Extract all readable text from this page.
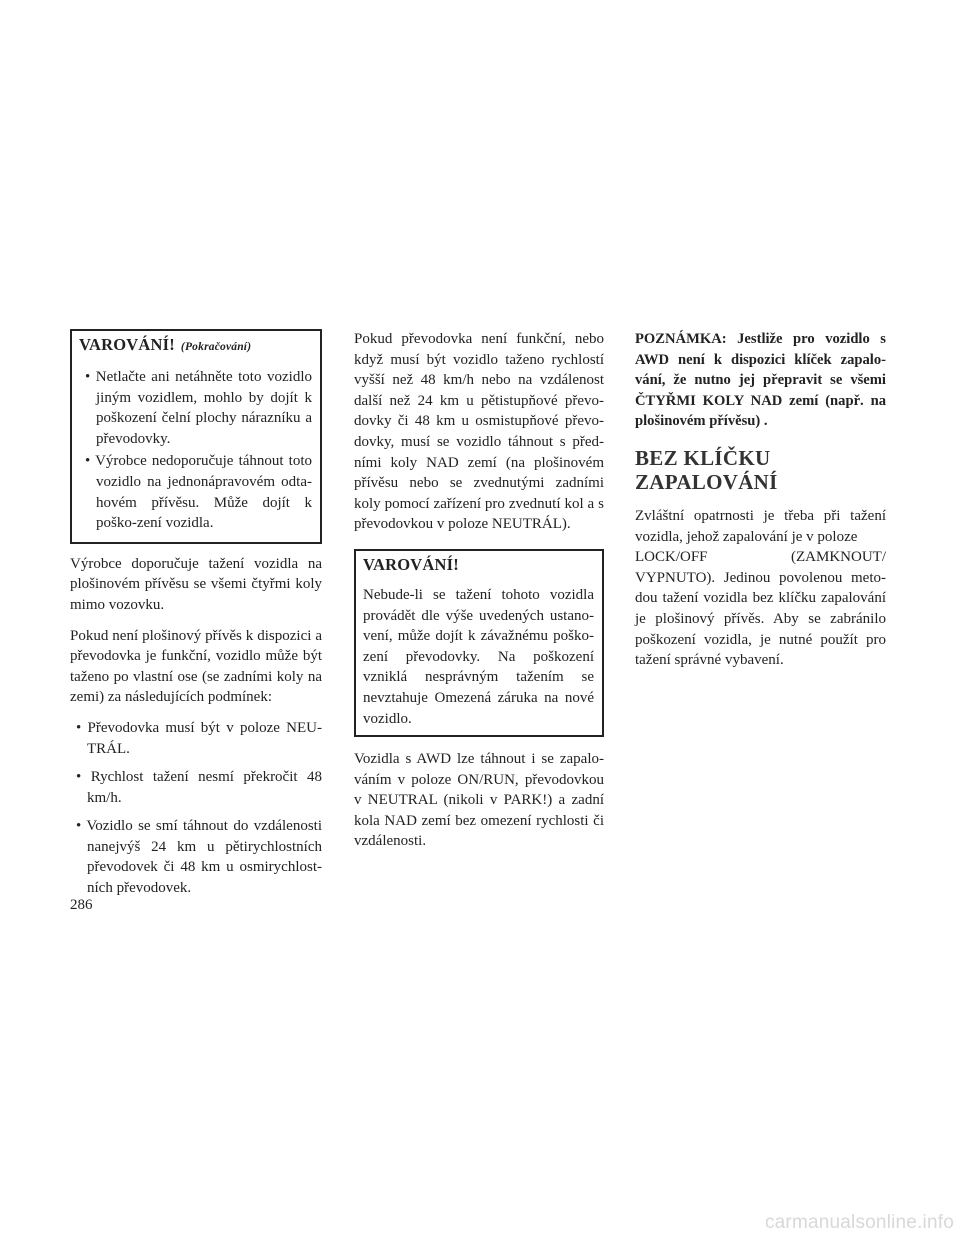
VAROVÁNÍ! (Pokračování)
• Netlačte ani netáhněte toto vozidlo jiným vozidlem, mohlo by dojít k poškození čelní plochy nárazníku a převodovky.
• Výrobce nedoporučuje táhnout toto vozidlo na jednonápravovém odta-hovém přívěsu. Může dojít k poško-zení vozidla.
Výrobce doporučuje tažení vozidla na plošinovém přívěsu se všemi čtyřmi koly mimo vozovku.
Pokud není plošinový přívěs k dispozici a převodovka je funkční, vozidlo může být taženo po vlastní ose (se zadními koly na zemi) za následujících podmínek:
• Převodovka musí být v poloze NEU-TRÁL.
• Rychlost tažení nesmí překročit 48 km/h.
• Vozidlo se smí táhnout do vzdálenosti nanejvýš 24 km u pětirychlostních převodovek či 48 km u osmirychlost-ních převodovek.
Pokud převodovka není funkční, nebo když musí být vozidlo taženo rychlostí vyšší než 48 km/h nebo na vzdálenost další než 24 km u pětistupňové převo-dovky či 48 km u osmistupňové převo-dovky, musí se vozidlo táhnout s před-ními koly NAD zemí (na plošinovém přívěsu nebo se zvednutými zadními koly pomocí zařízení pro zvednutí kol a s převodovkou v poloze NEUTRÁL).
VAROVÁNÍ!
Nebude-li se tažení tohoto vozidla provádět dle výše uvedených ustano-vení, může dojít k závažnému poško-zení převodovky. Na poškození vzniklá nesprávným tažením se nevztahuje Omezená záruka na nové vozidlo.
Vozidla s AWD lze táhnout i se zapalo-váním v poloze ON/RUN, převodovkou v NEUTRAL (nikoli v PARK!) a zadní kola NAD zemí bez omezení rychlosti či vzdálenosti.
POZNÁMKA: Jestliže pro vozidlo s AWD není k dispozici klíček zapalo-vání, že nutno jej přepravit se všemi ČTYŘMI KOLY NAD zemí (např. na plošinovém přívěsu) .
BEZ KLÍČKU
ZAPALOVÁNÍ
Zvláštní opatrnosti je třeba při tažení vozidla, jehož zapalování je v poloze
LOCK/OFF	(ZAMKNOUT/
VYPNUTO). Jedinou povolenou meto-dou tažení vozidla bez klíčku zapalování je plošinový přívěs. Aby se zabránilo poškození vozidla, je nutné použít pro tažení správné vybavení.
286
carmanualsonline.info
